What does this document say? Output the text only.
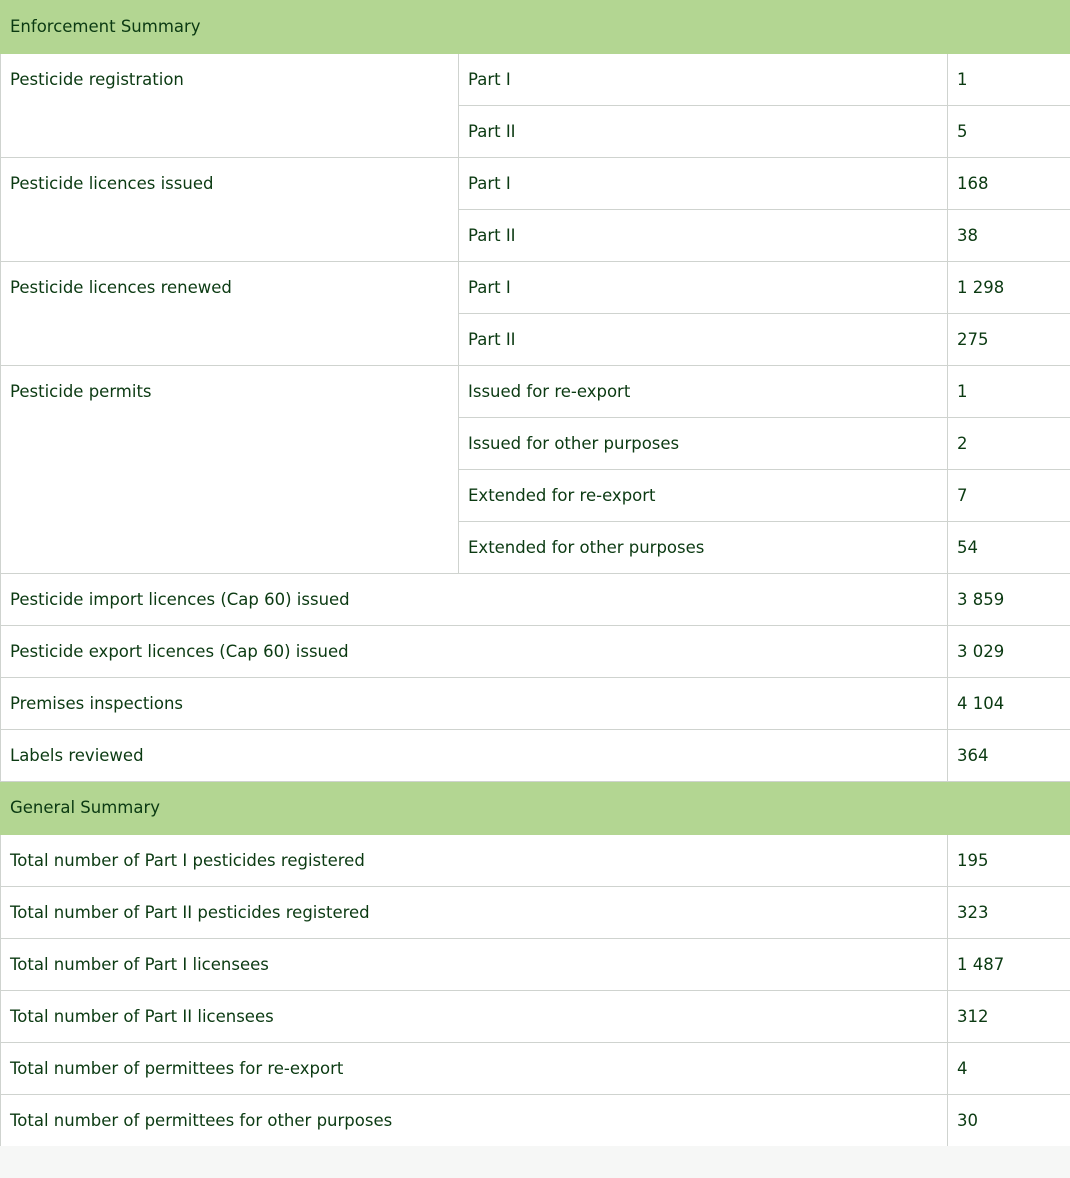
Enforcement Summary		
Pesticide registration	Part I	1
	Part II	5
Pesticide licences issued	Part I	168
	Part II	38
Pesticide licences renewed	Part I	1 298
	Part II	275
Pesticide permits	Issued for re-export	1
	Issued for other purposes	2
	Extended for re-export	7
	Extended for other purposes	54
Pesticide import licences (Cap 60) issued		3 859
Pesticide export licences (Cap 60) issued		3 029
Premises inspections		4 104
Labels reviewed		364
General Summary		
Total number of Part I pesticides registered		195
Total number of Part II pesticides registered		323
Total number of Part I licensees		1 487
Total number of Part II licensees		312
Total number of permittees for re-export		4
Total number of permittees for other purposes		30
